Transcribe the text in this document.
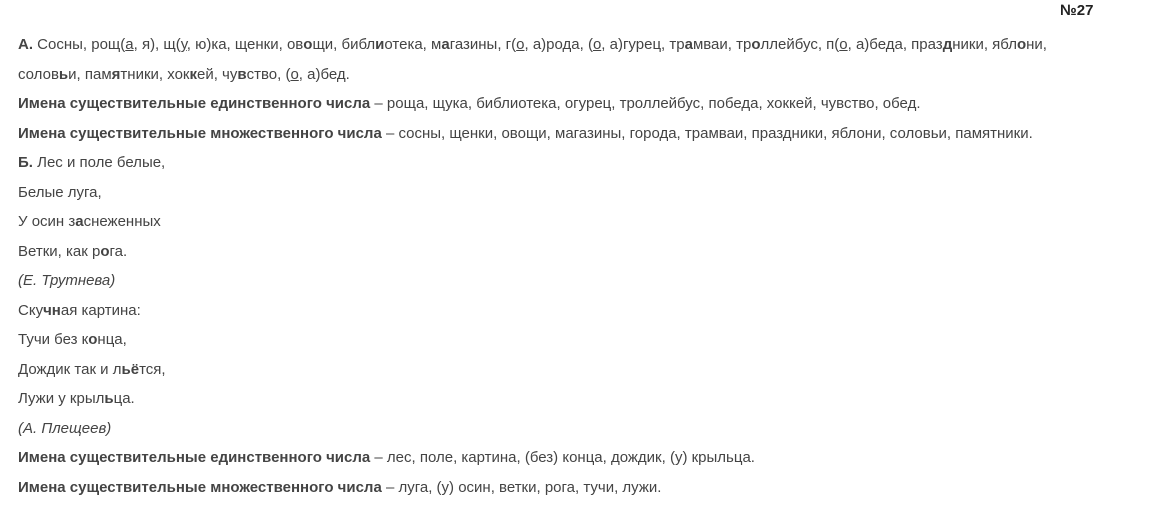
№27
А. Сосны, рощ(а, я), щ(у, ю)ка, щенки, овощи, библиотека, магазины, г(о, а)рода, (о, а)гурец, трамваи, троллейбус, п(о, а)беда, праздники, яблони,
соловьи, памятники, хоккей, чувство, (о, а)бед.
Имена существительные единственного числа – роща, щука, библиотека, огурец, троллейбус, победа, хоккей, чувство, обед.
Имена существительные множественного числа – сосны, щенки, овощи, магазины, города, трамваи, праздники, яблони, соловьи, памятники.
Б. Лес и поле белые,
Белые луга,
У осин заснеженных
Ветки, как рога.
(Е. Трутнева)
Скучная картина:
Тучи без конца,
Дождик так и льётся,
Лужи у крыльца.
(А. Плещеев)
Имена существительные единственного числа – лес, поле, картина, (без) конца, дождик, (у) крыльца.
Имена существительные множественного числа – луга, (у) осин, ветки, рога, тучи, лужи.
